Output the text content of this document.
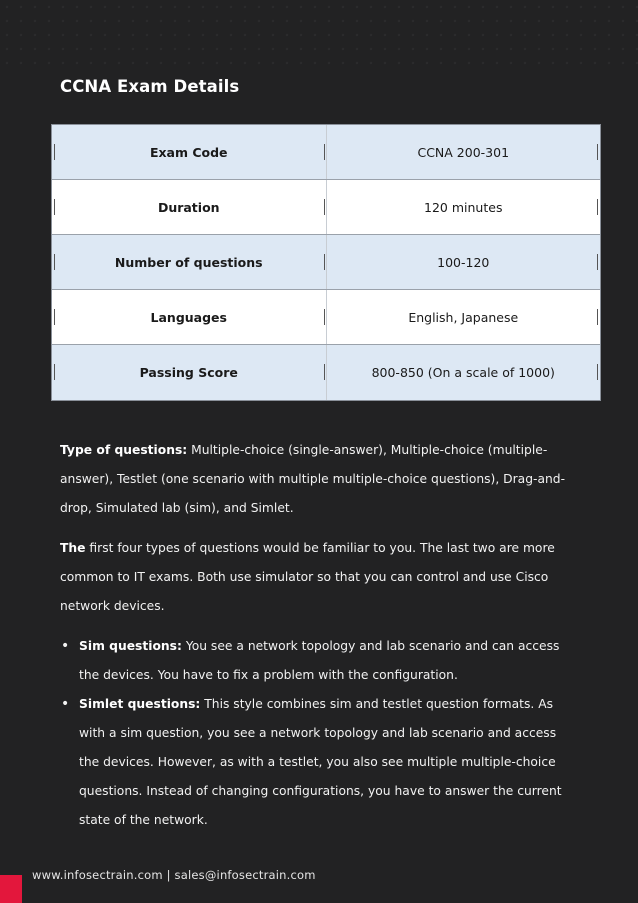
CCNA Exam Details
Exam Code	CCNA 200-301
Duration	120 minutes
Number of questions	100-120
Languages	English, Japanese
Passing Score	800-850 (On a scale of 1000)

Type of questions: Multiple-choice (single-answer), Multiple-choice (multiple-answer), Testlet (one scenario with multiple multiple-choice questions), Drag-and-drop, Simulated lab (sim), and Simlet.

The first four types of questions would be familiar to you. The last two are more common to IT exams. Both use simulator so that you can control and use Cisco network devices.

• Sim questions: You see a network topology and lab scenario and can access the devices. You have to fix a problem with the configuration.
• Simlet questions: This style combines sim and testlet question formats. As with a sim question, you see a network topology and lab scenario and access the devices. However, as with a testlet, you also see multiple multiple-choice questions. Instead of changing configurations, you have to answer the current state of the network.
www.infosectrain.com | sales@infosectrain.com
